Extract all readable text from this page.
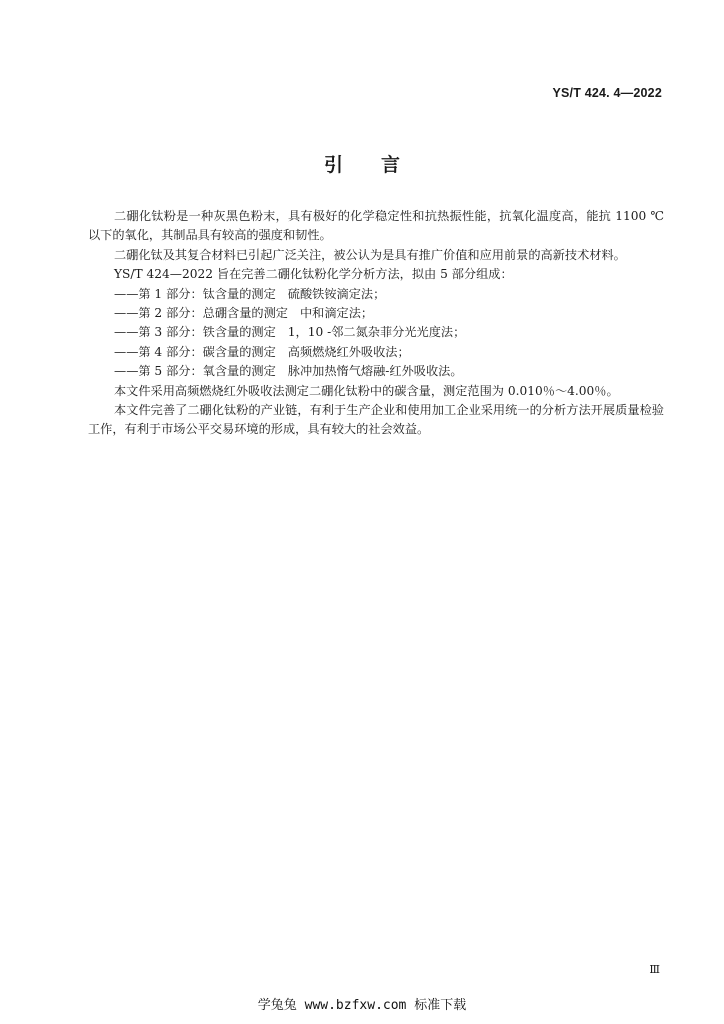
YS/T 424. 4—2022
引言

二硼化钛粉是一种灰黑色粉末，具有极好的化学稳定性和抗热振性能，抗氧化温度高，能抗 1100 ℃以下的氧化，其制品具有较高的强度和韧性。

二硼化钛及其复合材料已引起广泛关注，被公认为是具有推广价值和应用前景的高新技术材料。

YS/T 424—2022 旨在完善二硼化钛粉化学分析方法，拟由 5 部分组成：

——第 1 部分：钛含量的测定 硫酸铁铵滴定法；
——第 2 部分：总硼含量的测定 中和滴定法；
——第 3 部分：铁含量的测定 1，10 -邻二氮杂菲分光光度法；
——第 4 部分：碳含量的测定 高频燃烧红外吸收法；
——第 5 部分：氧含量的测定 脉冲加热惰气熔融-红外吸收法。

本文件采用高频燃烧红外吸收法测定二硼化钛粉中的碳含量，测定范围为 0.010％～4.00％。

本文件完善了二硼化钛粉的产业链，有利于生产企业和使用加工企业采用统一的分析方法开展质量检验工作，有利于市场公平交易环境的形成，具有较大的社会效益。

Ⅲ
学兔兔 www.bzfxw.com 标准下载
